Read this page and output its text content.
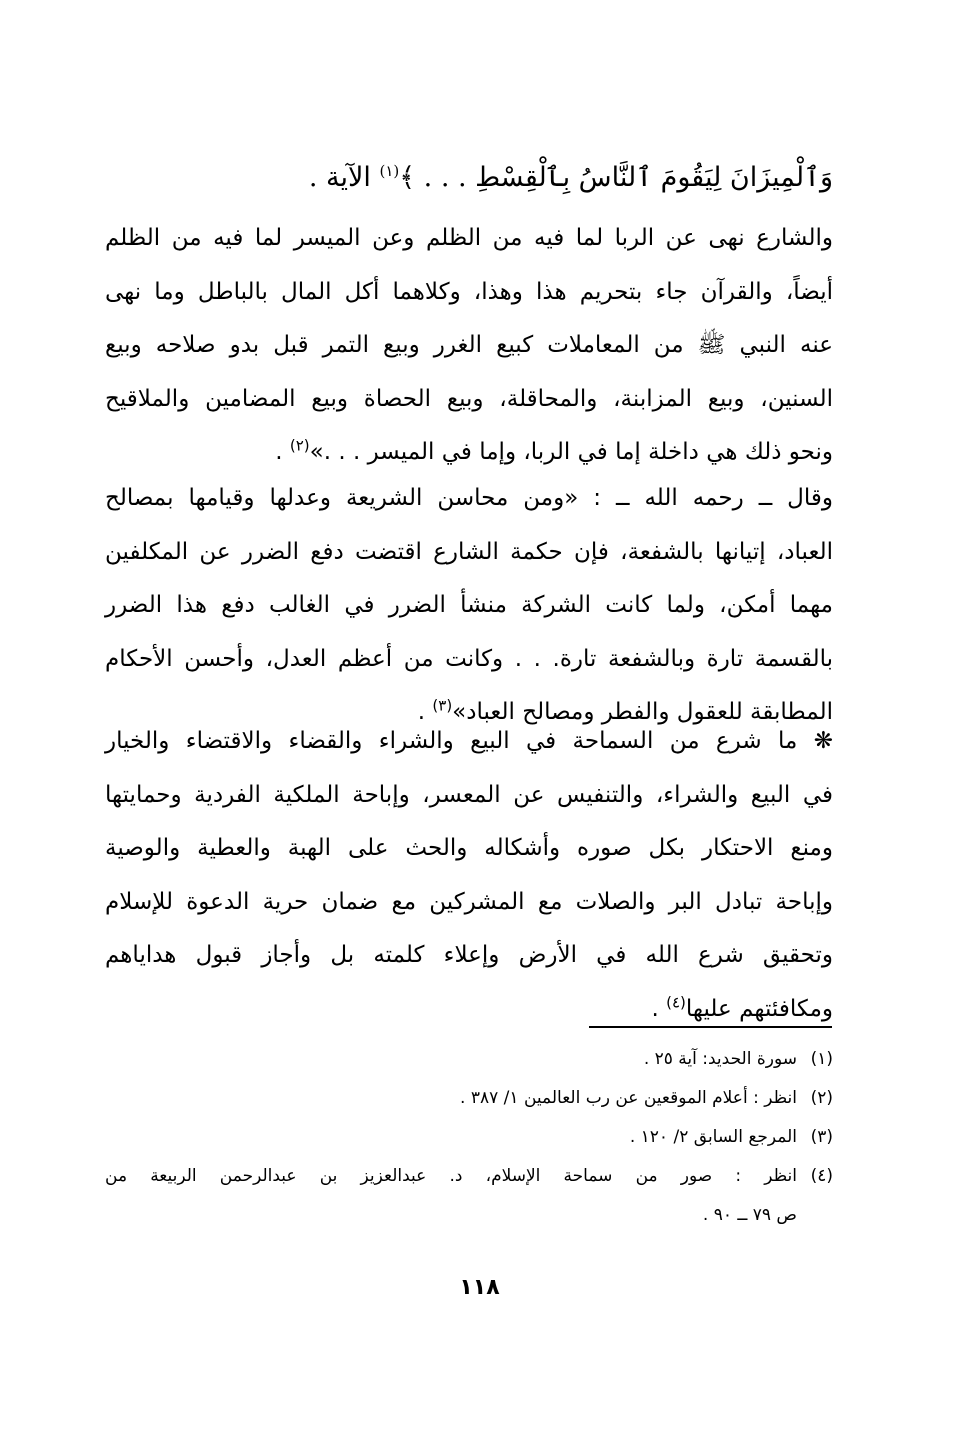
وَٱلْمِيزَانَ لِيَقُومَ ٱلنَّاسُ بِٱلْقِسْطِ . . . ﴾$^{(١)}$ الآية .
والشارع نهى عن الربا لما فيه من الظلم وعن الميسر لما فيه من الظلم
أيضاً، والقرآن جاء بتحريم هذا وهذا، وكلاهما أكل المال بالباطل وما نهى
عنه النبي ﷺ من المعاملات كبيع الغرر وبيع التمر قبل بدو صلاحه وبيع
السنين، وبيع المزابنة، والمحاقلة، وبيع الحصاة وبيع المضامين والملاقيح
ونحو ذلك هي داخلة إما في الربا، وإما في الميسر . . .»$^{(٢)}$ .
وقال ــ رحمه الله ــ : «ومن محاسن الشريعة وعدلها وقيامها بمصالح
العباد، إتيانها بالشفعة، فإن حكمة الشارع اقتضت دفع الضرر عن المكلفين
مهما أمكن، ولما كانت الشركة منشأ الضرر في الغالب دفع هذا الضرر
بالقسمة تارة وبالشفعة تارة. . . وكانت من أعظم العدل، وأحسن الأحكام
المطابقة للعقول والفطر ومصالح العباد»$^{(٣)}$ .
❋ ما شرع من السماحة في البيع والشراء والقضاء والاقتضاء والخيار
في البيع والشراء، والتنفيس عن المعسر، وإباحة الملكية الفردية وحمايتها
ومنع الاحتكار بكل صوره وأشكاله والحث على الهبة والعطية والوصية
وإباحة تبادل البر والصلات مع المشركين مع ضمان حرية الدعوة للإسلام
وتحقيق شرع الله في الأرض وإعلاء كلمته بل وأجاز قبول هداياهم
ومكافئتهم عليها$^{(٤)}$ .
(١)سورة الحديد: آية ٢٥ .
(٢)انظر : أعلام الموقعين عن رب العالمين ١/ ٣٨٧ .
(٣)المرجع السابق ٢/ ١٢٠ .
(٤)انظر : صور من سماحة الإسلام، د. عبدالعزيز بن عبدالرحمن الربيعة من
ص ٧٩ ــ ٩٠ .
١١٨
